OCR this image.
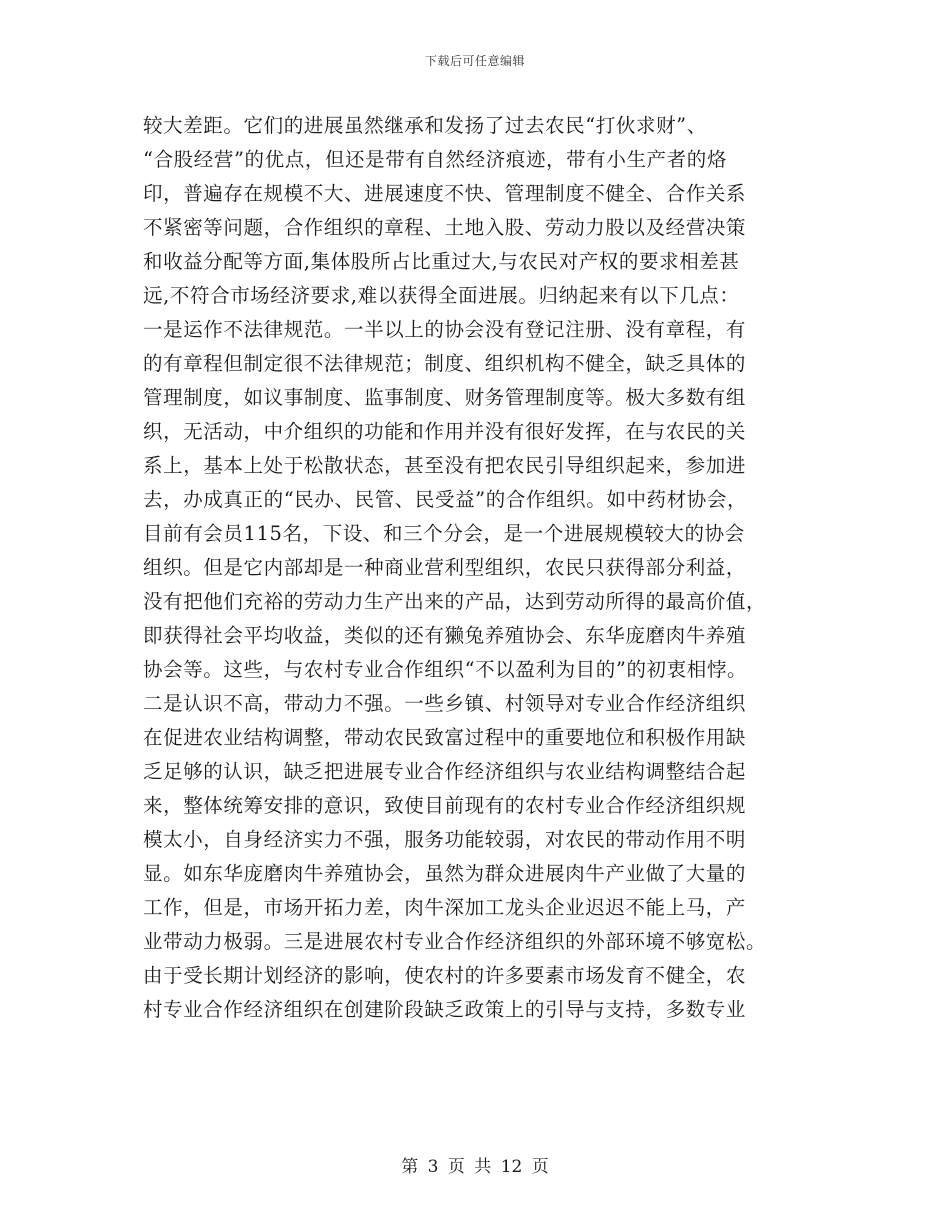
下载后可任意编辑
较大差距。它们的进展虽然继承和发扬了过去农民“打伙求财”、
“合股经营”的优点，但还是带有自然经济痕迹，带有小生产者的烙
印，普遍存在规模不大、进展速度不快、管理制度不健全、合作关系
不紧密等问题，合作组织的章程、土地入股、劳动力股以及经营决策
和收益分配等方面,集体股所占比重过大,与农民对产权的要求相差甚
远,不符合市场经济要求,难以获得全面进展。归纳起来有以下几点：
一是运作不法律规范。一半以上的协会没有登记注册、没有章程，有
的有章程但制定很不法律规范；制度、组织机构不健全，缺乏具体的
管理制度，如议事制度、监事制度、财务管理制度等。极大多数有组
织，无活动，中介组织的功能和作用并没有很好发挥，在与农民的关
系上，基本上处于松散状态，甚至没有把农民引导组织起来，参加进
去，办成真正的“民办、民管、民受益”的合作组织。如中药材协会，
目前有会员115名，下设、和三个分会，是一个进展规模较大的协会
组织。但是它内部却是一种商业营利型组织，农民只获得部分利益，
没有把他们充裕的劳动力生产出来的产品，达到劳动所得的最高价值，
即获得社会平均收益，类似的还有獭兔养殖协会、东华庞磨肉牛养殖
协会等。这些，与农村专业合作组织“不以盈利为目的”的初衷相悖。
二是认识不高，带动力不强。一些乡镇、村领导对专业合作经济组织
在促进农业结构调整，带动农民致富过程中的重要地位和积极作用缺
乏足够的认识，缺乏把进展专业合作经济组织与农业结构调整结合起
来，整体统筹安排的意识，致使目前现有的农村专业合作经济组织规
模太小，自身经济实力不强，服务功能较弱，对农民的带动作用不明
显。如东华庞磨肉牛养殖协会，虽然为群众进展肉牛产业做了大量的
工作，但是，市场开拓力差，肉牛深加工龙头企业迟迟不能上马，产
业带动力极弱。三是进展农村专业合作经济组织的外部环境不够宽松。
由于受长期计划经济的影响，使农村的许多要素市场发育不健全，农
村专业合作经济组织在创建阶段缺乏政策上的引导与支持，多数专业
第 3 页 共 12 页
